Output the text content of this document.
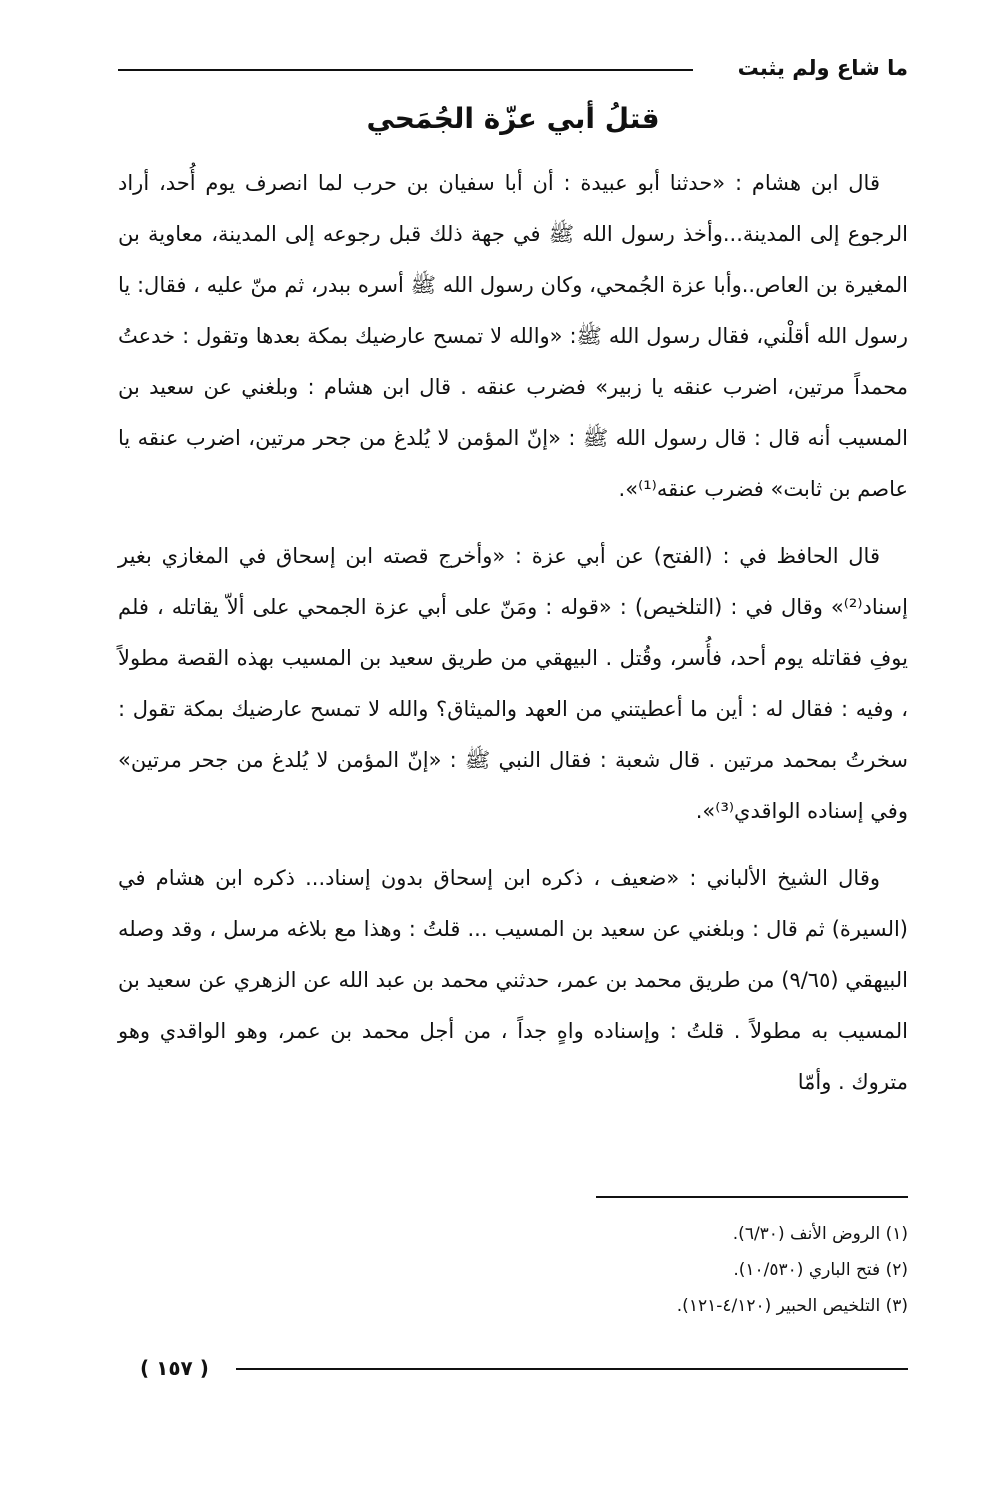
ما شاع ولم يثبت
قتلُ أبي عزّة الجُمَحي

قال ابن هشام : «حدثنا أبو عبيدة : أن أبا سفيان بن حرب لما انصرف يوم أُحد، أراد الرجوع إلى المدينة...وأخذ رسول الله ﷺ في جهة ذلك قبل رجوعه إلى المدينة، معاوية بن المغيرة بن العاص..وأبا عزة الجُمحي، وكان رسول الله ﷺ أسره ببدر، ثم منّ عليه ، فقال: يا رسول الله أقلْني، فقال رسول الله ﷺ: «والله لا تمسح عارضيك بمكة بعدها وتقول : خدعتُ محمداً مرتين، اضرب عنقه يا زبير» فضرب عنقه . قال ابن هشام : وبلغني عن سعيد بن المسيب أنه قال : قال رسول الله ﷺ : «إنّ المؤمن لا يُلدغ من جحر مرتين، اضرب عنقه يا عاصم بن ثابت» فضرب عنقه⁽¹⁾».

قال الحافظ في : (الفتح) عن أبي عزة : «وأخرج قصته ابن إسحاق في المغازي بغير إسناد⁽²⁾» وقال في : (التلخيص) : «قوله : ومَنّ على أبي عزة الجمحي على ألاّ يقاتله ، فلم يوفِ فقاتله يوم أحد، فأُسر، وقُتل . البيهقي من طريق سعيد بن المسيب بهذه القصة مطولاً ، وفيه : فقال له : أين ما أعطيتني من العهد والميثاق؟ والله لا تمسح عارضيك بمكة تقول : سخرتُ بمحمد مرتين . قال شعبة : فقال النبي ﷺ : «إنّ المؤمن لا يُلدغ من جحر مرتين» وفي إسناده الواقدي⁽³⁾».

وقال الشيخ الألباني : «ضعيف ، ذكره ابن إسحاق بدون إسناد... ذكره ابن هشام في (السيرة) ثم قال : وبلغني عن سعيد بن المسيب ... قلتُ : وهذا مع بلاغه مرسل ، وقد وصله البيهقي (٩/٦٥) من طريق محمد بن عمر، حدثني محمد بن عبد الله عن الزهري عن سعيد بن المسيب به مطولاً . قلتُ : وإسناده واهٍ جداً ، من أجل محمد بن عمر، وهو الواقدي وهو متروك . وأمّا

(١) الروض الأنف (٦/٣٠).
(٢) فتح الباري (١٠/٥٣٠).
(٣) التلخيص الحبير (٤/١٢٠-١٢١).
( ١٥٧ )
